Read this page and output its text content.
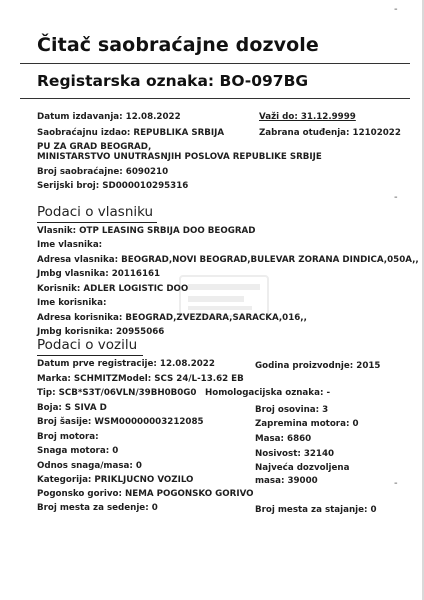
Čitač saobraćajne dozvole
Registarska oznaka: BO-097BG
Datum izdavanja: 12.08.2022	Važi do: 31.12.9999
Saobraćajnu izdao: REPUBLIKA SRBIJA	Zabrana otuđenja: 12102022
PU ZA GRAD BEOGRAD,
MINISTARSTVO UNUTRASNJIH POSLOVA REPUBLIKE SRBIJE
Broj saobraćajne: 6090210
Serijski broj: SD000010295316
Podaci o vlasniku
Vlasnik: OTP LEASING SRBIJA DOO BEOGRAD
Ime vlasnika:
Adresa vlasnika: BEOGRAD,NOVI BEOGRAD,BULEVAR ZORANA DINDICA,050A,,
Jmbg vlasnika: 20116161
Korisnik: ADLER LOGISTIC DOO
Ime korisnika:
Adresa korisnika: BEOGRAD,ZVEZDARA,SARACKA,016,,
Jmbg korisnika: 20955066
Podaci o vozilu
Datum prve registracije: 12.08.2022	Godina proizvodnje: 2015
Marka: SCHMITZ Model: SCS 24/L-13.62 EB
Tip: SCB*S3T/06VLN/39BH0B0G0 Homologacijska oznaka: -
Boja: S SIVA D	Broj osovina: 3
Broj šasije: WSM00000003212085	Zapremina motora: 0
Broj motora:	Masa: 6860
Snaga motora: 0	Nosivost: 32140
Odnos snaga/masa: 0	Najveća dozvoljena
masa: 39000
Kategorija: PRIKLJUCNO VOZILO
Pogonsko gorivo: NEMA POGONSKO GORIVO
Broj mesta za sedenje: 0	Broj mesta za stajanje: 0
-
-
-
